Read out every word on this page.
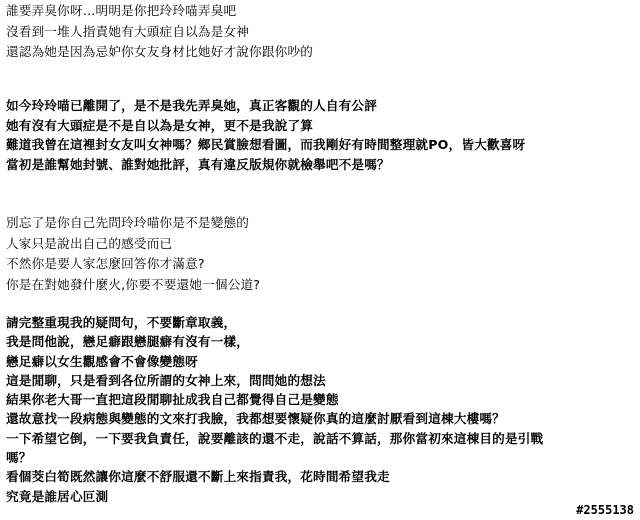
誰要弄臭你呀…明明是你把玲玲喵弄臭吧
沒看到一堆人指責她有大頭症自以為是女神
還認為她是因為忌妒你女友身材比她好才說你跟你吵的
如今玲玲喵已離開了，是不是我先弄臭她，真正客觀的人自有公評
她有沒有大頭症是不是自以為是女神，更不是我說了算
難道我曾在這裡封女友叫女神嗎？鄉民賞臉想看圖，而我剛好有時間整理就PO，皆大歡喜呀
當初是誰幫她封號、誰對她批評，真有違反版規你就檢舉吧不是嗎？
別忘了是你自己先問玲玲喵你是不是變態的
人家只是說出自己的感受而已
不然你是要人家怎麼回答你才滿意?
你是在對她發什麼火,你要不要還她一個公道?
請完整重現我的疑問句，不要斷章取義，
我是問他說，戀足癖跟戀腿癖有沒有一樣，
戀足癖以女生觀感會不會像變態呀
這是閒聊，只是看到各位所謂的女神上來，問問她的想法
結果你老大哥一直把這段閒聊扯成我自己都覺得自己是變態
還故意找一段病態與變態的文來打我臉，我都想要懷疑你真的這麼討厭看到這棟大樓嗎？
一下希望它倒，一下要我負責任，說要離該的還不走，說話不算話，那你當初來這棟目的是引戰
嗎？
看個茭白筍既然讓你這麼不舒服還不斷上來指責我，花時間希望我走
究竟是誰居心叵測
#2555138
